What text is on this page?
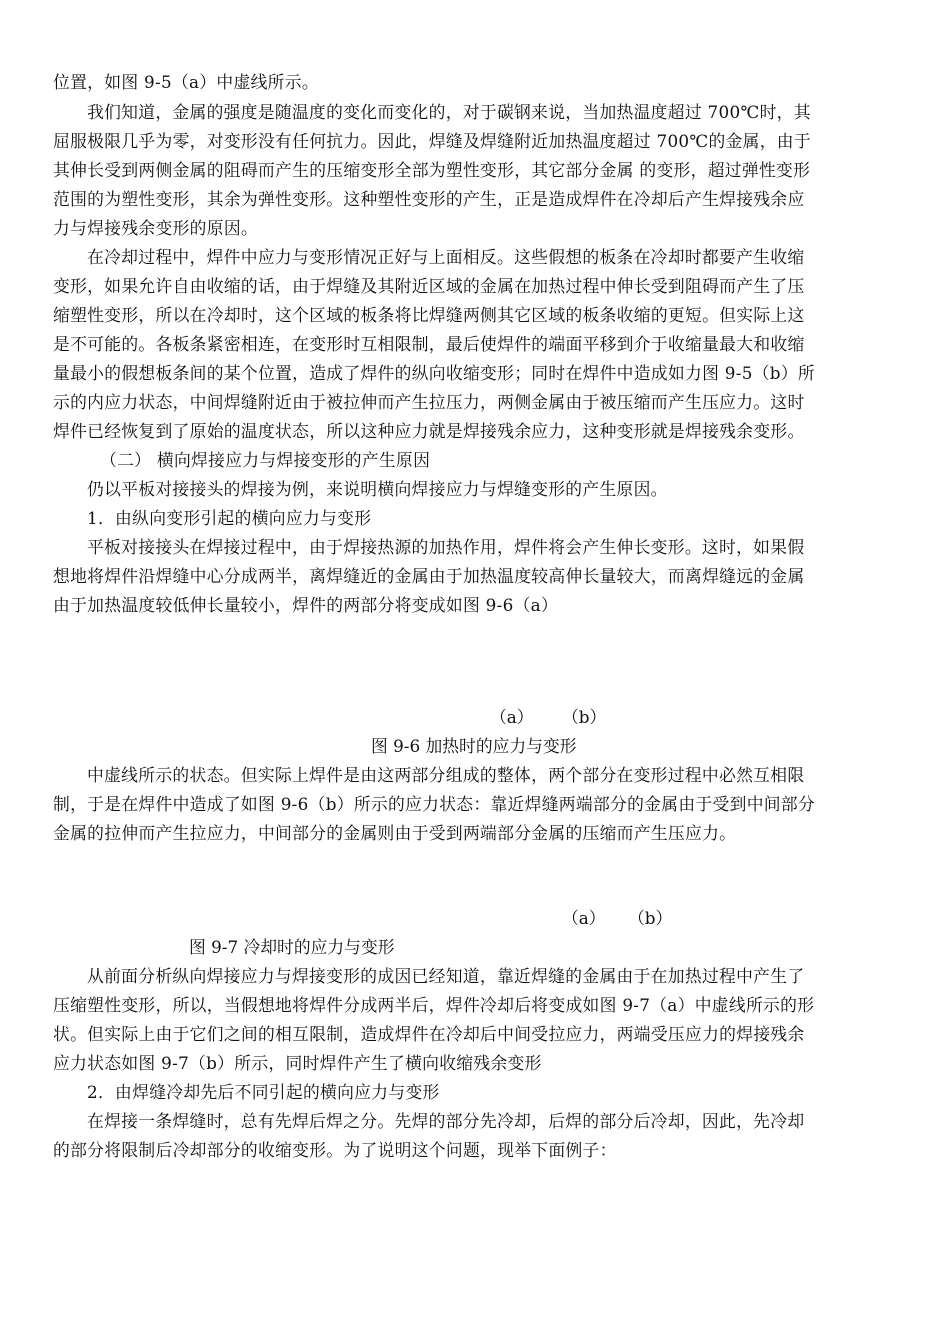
位置，如图 9-5（a）中虚线所示。
我们知道，金属的强度是随温度的变化而变化的，对于碳钢来说，当加热温度超过 700℃时，其
屈服极限几乎为零，对变形没有任何抗力。因此，焊缝及焊缝附近加热温度超过 700℃的金属，由于
其伸长受到两侧金属的阻碍而产生的压缩变形全部为塑性变形，其它部分金属 的变形，超过弹性变形
范围的为塑性变形，其余为弹性变形。这种塑性变形的产生，正是造成焊件在冷却后产生焊接残余应
力与焊接残余变形的原因。
在冷却过程中，焊件中应力与变形情况正好与上面相反。这些假想的板条在冷却时都要产生收缩
变形，如果允许自由收缩的话，由于焊缝及其附近区域的金属在加热过程中伸长受到阻碍而产生了压
缩塑性变形，所以在冷却时，这个区域的板条将比焊缝两侧其它区域的板条收缩的更短。但实际上这
是不可能的。各板条紧密相连，在变形时互相限制，最后使焊件的端面平移到介于收缩量最大和收缩
量最小的假想板条间的某个位置，造成了焊件的纵向收缩变形；同时在焊件中造成如力图 9-5（b）所
示的内应力状态，中间焊缝附近由于被拉伸而产生拉压力，两侧金属由于被压缩而产生压应力。这时
焊件已经恢复到了原始的温度状态，所以这种应力就是焊接残余应力，这种变形就是焊接残余变形。
（二） 横向焊接应力与焊接变形的产生原因
仍以平板对接接头的焊接为例，来说明横向焊接应力与焊缝变形的产生原因。
1．由纵向变形引起的横向应力与变形
平板对接接头在焊接过程中，由于焊接热源的加热作用，焊件将会产生伸长变形。这时，如果假
想地将焊件沿焊缝中心分成两半，离焊缝近的金属由于加热温度较高伸长量较大，而离焊缝远的金属
由于加热温度较低伸长量较小，焊件的两部分将变成如图 9-6（a）
（a） （b）
图 9-6 加热时的应力与变形
中虚线所示的状态。但实际上焊件是由这两部分组成的整体，两个部分在变形过程中必然互相限
制，于是在焊件中造成了如图 9-6（b）所示的应力状态：靠近焊缝两端部分的金属由于受到中间部分
金属的拉伸而产生拉应力，中间部分的金属则由于受到两端部分金属的压缩而产生压应力。
（a） （b）
图 9-7 冷却时的应力与变形
从前面分析纵向焊接应力与焊接变形的成因已经知道，靠近焊缝的金属由于在加热过程中产生了
压缩塑性变形，所以，当假想地将焊件分成两半后，焊件冷却后将变成如图 9-7（a）中虚线所示的形
状。但实际上由于它们之间的相互限制，造成焊件在冷却后中间受拉应力，两端受压应力的焊接残余
应力状态如图 9-7（b）所示，同时焊件产生了横向收缩残余变形
2．由焊缝冷却先后不同引起的横向应力与变形
在焊接一条焊缝时，总有先焊后焊之分。先焊的部分先冷却，后焊的部分后冷却，因此，先冷却
的部分将限制后冷却部分的收缩变形。为了说明这个问题，现举下面例子：
